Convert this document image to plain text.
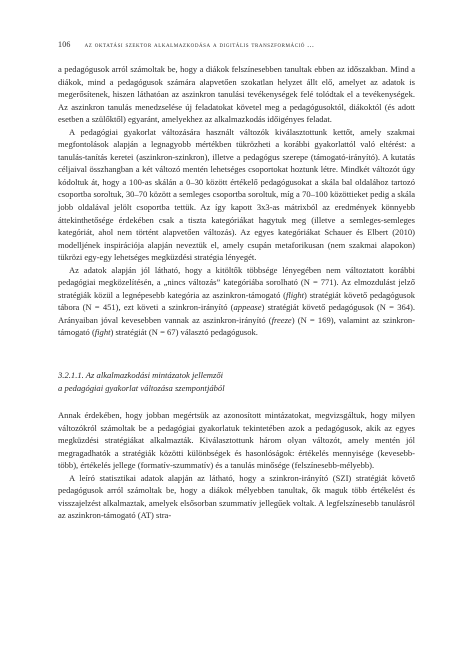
106 az oktatási szektor alkalmazkodása a digitális transzformáció ...

a pedagógusok arról számoltak be, hogy a diákok felszínesebben tanultak ebben az időszakban. Mind a diákok, mind a pedagógusok számára alapvetően szokatlan helyzet állt elő, amelyet az adatok is megerősítenek, hiszen láthatóan az aszinkron tanulási tevékenységek felé tolódtak el a tevékenységek. Az aszinkron tanulás menedzselése új feladatokat követel meg a pedagógusoktól, diákoktól (és adott esetben a szülőktől) egyaránt, amelyekhez az alkalmazkodás időigényes feladat.

A pedagógiai gyakorlat változására használt változók kiválasztottunk kettőt, amely szakmai megfontolások alapján a legnagyobb mértékben tükrözheti a korábbi gyakorlattól való eltérést: a tanulás-tanítás keretei (aszinkron-szinkron), illetve a pedagógus szerepe (támogató-irányító). A kutatás céljaival összhangban a két változó mentén lehetséges csoportokat hoztunk létre. Mindkét változót úgy kódoltuk át, hogy a 100-as skálán a 0–30 között értékelő pedagógusokat a skála bal oldalához tartozó csoportba soroltuk, 30–70 között a semleges csoportba soroltuk, míg a 70–100 közöttieket pedig a skála jobb oldalával jelölt csoportba tettük. Az így kapott 3x3-as mátrixból az eredmények könnyebb áttekinthetősége érdekében csak a tiszta kategóriákat hagytuk meg (illetve a semleges-semleges kategóriát, ahol nem történt alapvetően változás). Az egyes kategóriákat Schauer és Elbert (2010) modelljének inspirációja alapján neveztük el, amely csupán metaforikusan (nem szakmai alapokon) tükrözi egy-egy lehetséges megküzdési stratégia lényegét.

Az adatok alapján jól látható, hogy a kitöltők többsége lényegében nem változtatott korábbi pedagógiai megközelítésén, a „nincs változás” kategóriába sorolható (N = 771). Az elmozdulást jelző stratégiák közül a legnépesebb kategória az aszinkron-támogató (flight) stratégiát követő pedagógusok tábora (N = 451), ezt követi a szinkron-irányító (appease) stratégiát követő pedagógusok (N = 364). Arányaiban jóval kevesebben vannak az aszinkron-irányító (freeze) (N = 169), valamint az szinkron-támogató (fight) stratégiát (N = 67) választó pedagógusok.

3.2.1.1. Az alkalmazkodási mintázatok jellemzői
a pedagógiai gyakorlat változása szempontjából

Annak érdekében, hogy jobban megértsük az azonosított mintázatokat, megvizsgáltuk, hogy milyen változókról számoltak be a pedagógiai gyakorlatuk tekintetében azok a pedagógusok, akik az egyes megküzdési stratégiákat alkalmazták. Kiválasztottunk három olyan változót, amely mentén jól megragadhatók a stratégiák közötti különbségek és hasonlóságok: értékelés mennyisége (kevesebb-több), értékelés jellege (formatív-szummatív) és a tanulás minősége (felszínesebb-mélyebb).

A leíró statisztikai adatok alapján az látható, hogy a szinkron-irányító (SZI) stratégiát követő pedagógusok arról számoltak be, hogy a diákok mélyebben tanultak, ők maguk több értékelést és visszajelzést alkalmaztak, amelyek elsősorban szummatív jellegűek voltak. A legfelszínesebb tanulásról az aszinkron-támogató (AT) stra-
